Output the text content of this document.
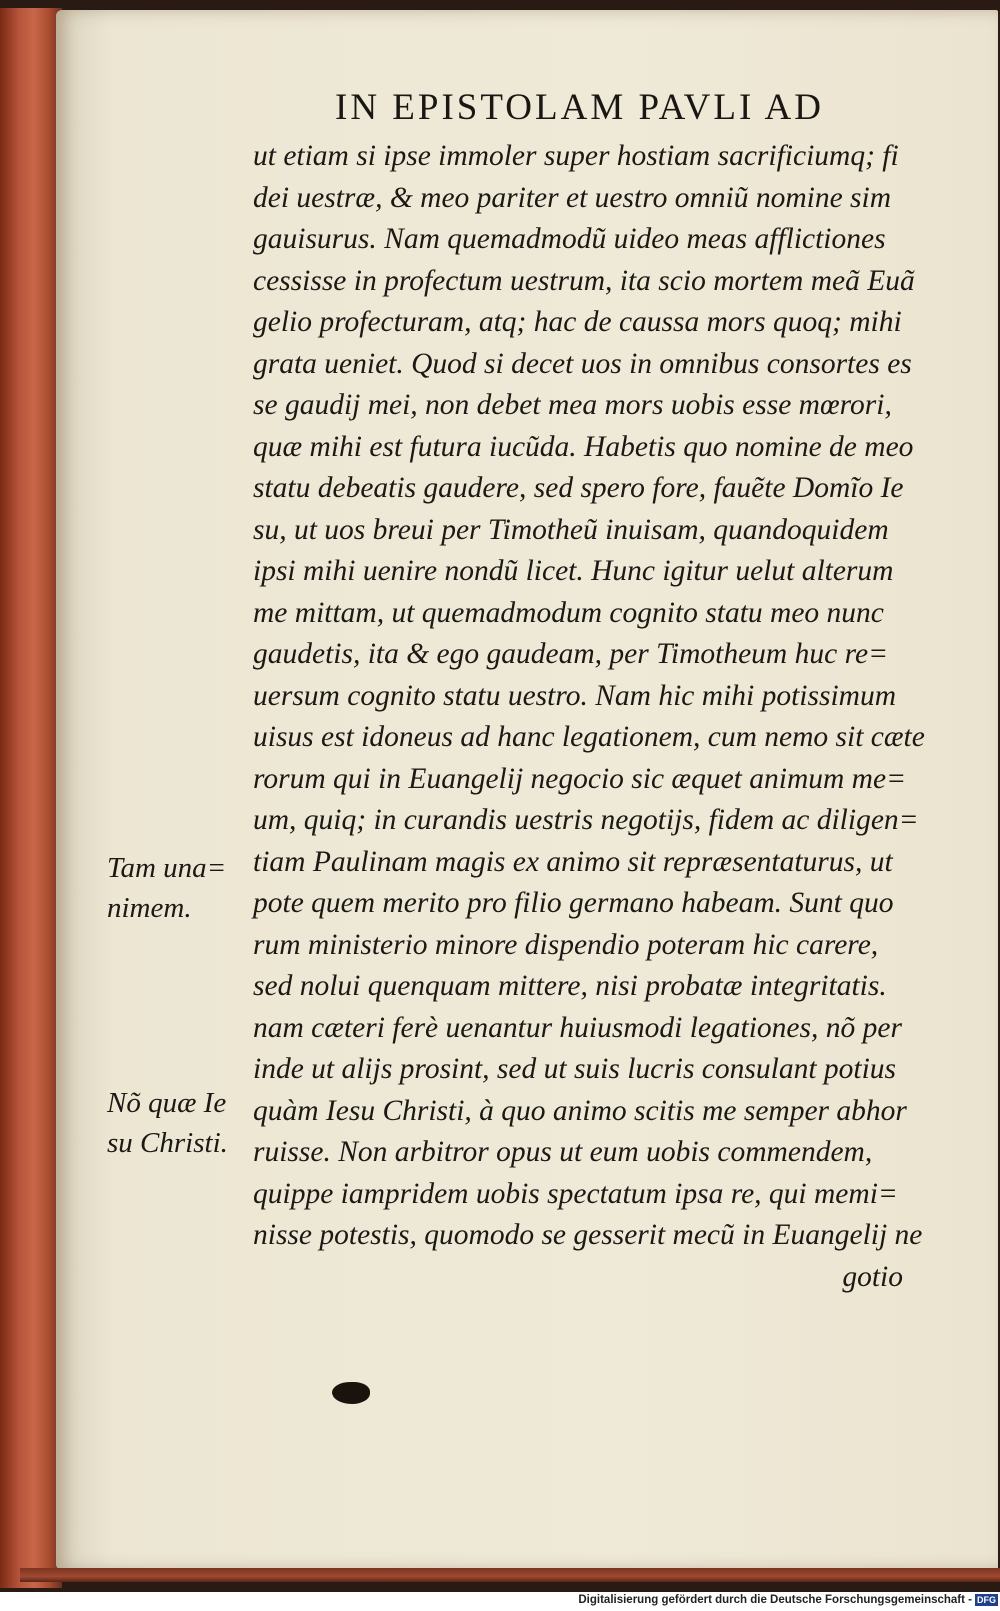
IN EPISTOLAM PAVLI AD
ut etiam si ipse immoler super hostiam sacrificiumq; fi
dei uestræ, & meo pariter et uestro omniũ nomine sim
gauisurus. Nam quemadmodũ uideo meas afflictiones
cessisse in profectum uestrum, ita scio mortem meã Euã
gelio profecturam, atq; hac de caussa mors quoq; mihi
grata ueniet. Quod si decet uos in omnibus consortes es
se gaudij mei, non debet mea mors uobis esse mœrori,
quæ mihi est futura iucũda. Habetis quo nomine de meo
statu debeatis gaudere, sed spero fore, fauẽte Domĩo Ie
su, ut uos breui per Timotheũ inuisam, quandoquidem
ipsi mihi uenire nondũ licet. Hunc igitur uelut alterum
me mittam, ut quemadmodum cognito statu meo nunc
gaudetis, ita & ego gaudeam, per Timotheum huc re=
uersum cognito statu uestro. Nam hic mihi potissimum
uisus est idoneus ad hanc legationem, cum nemo sit cæte
rorum qui in Euangelij negocio sic æquet animum me=
um, quiq; in curandis uestris negotijs, fidem ac diligen=
tiam Paulinam magis ex animo sit repræsentaturus, ut
pote quem merito pro filio germano habeam. Sunt quo
rum ministerio minore dispendio poteram hic carere,
sed nolui quenquam mittere, nisi probatæ integritatis.
nam cæteri ferè uenantur huiusmodi legationes, nõ per
inde ut alijs prosint, sed ut suis lucris consulant potius
quàm Iesu Christi, à quo animo scitis me semper abhor
ruisse. Non arbitror opus ut eum uobis commendem,
quippe iampridem uobis spectatum ipsa re, qui memi=
nisse potestis, quomodo se gesserit mecũ in Euangelij ne
gotio
Tam una=
nimem.
Nõ quæ Ie
su Christi.
Digitalisierung gefördert durch die Deutsche Forschungsgemeinschaft - DFG
